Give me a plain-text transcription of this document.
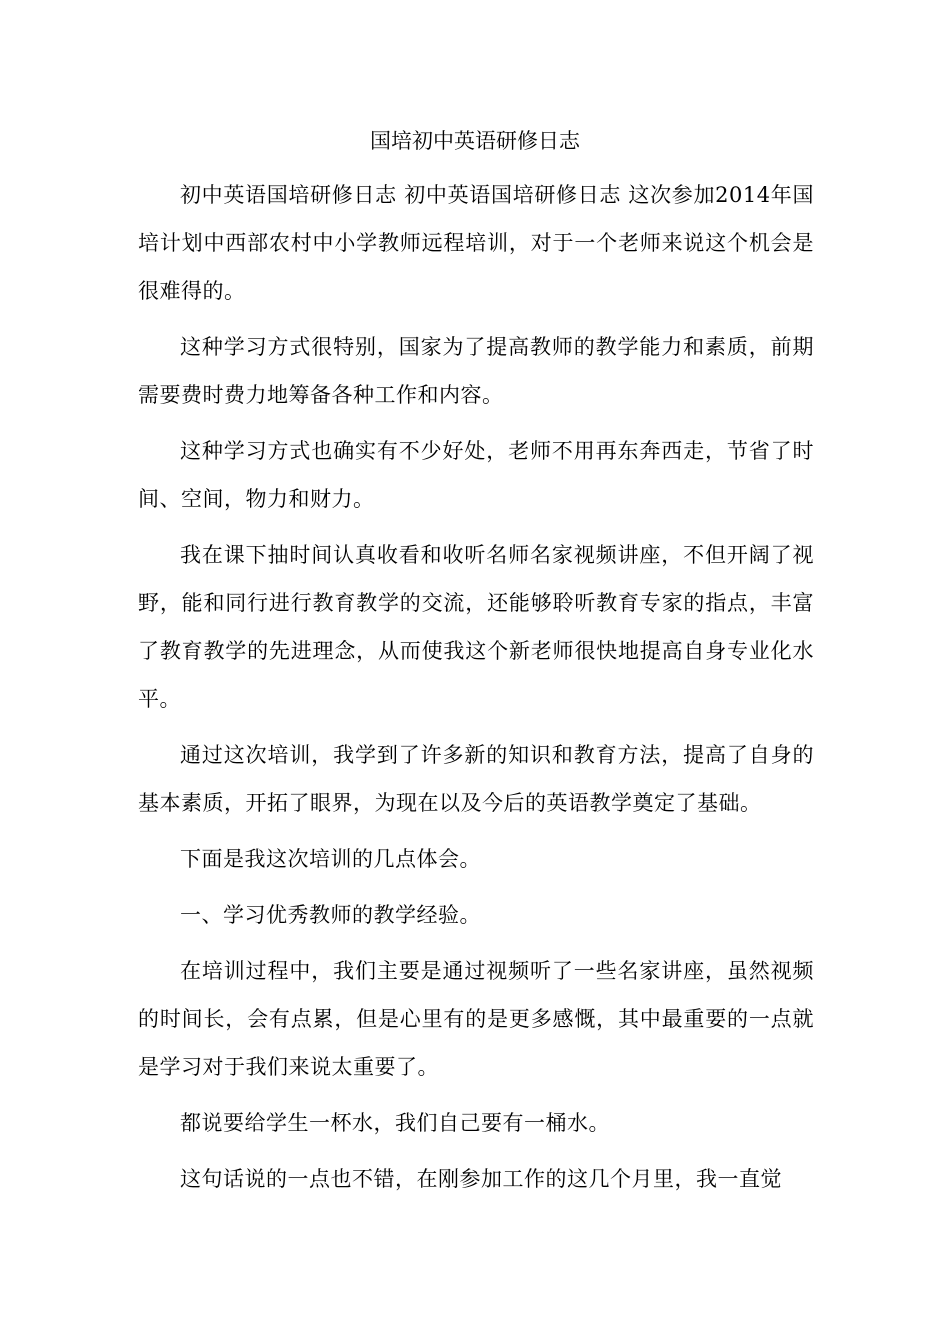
国培初中英语研修日志

初中英语国培研修日志 初中英语国培研修日志 这次参加2014年国培计划中西部农村中小学教师远程培训，对于一个老师来说这个机会是很难得的。

这种学习方式很特别，国家为了提高教师的教学能力和素质，前期需要费时费力地筹备各种工作和内容。

这种学习方式也确实有不少好处，老师不用再东奔西走，节省了时间、空间，物力和财力。

我在课下抽时间认真收看和收听名师名家视频讲座，不但开阔了视野，能和同行进行教育教学的交流，还能够聆听教育专家的指点，丰富了教育教学的先进理念，从而使我这个新老师很快地提高自身专业化水平。

通过这次培训，我学到了许多新的知识和教育方法，提高了自身的基本素质，开拓了眼界，为现在以及今后的英语教学奠定了基础。

下面是我这次培训的几点体会。

一、学习优秀教师的教学经验。

在培训过程中，我们主要是通过视频听了一些名家讲座，虽然视频的时间长，会有点累，但是心里有的是更多感慨，其中最重要的一点就是学习对于我们来说太重要了。

都说要给学生一杯水，我们自己要有一桶水。

这句话说的一点也不错，在刚参加工作的这几个月里，我一直觉
